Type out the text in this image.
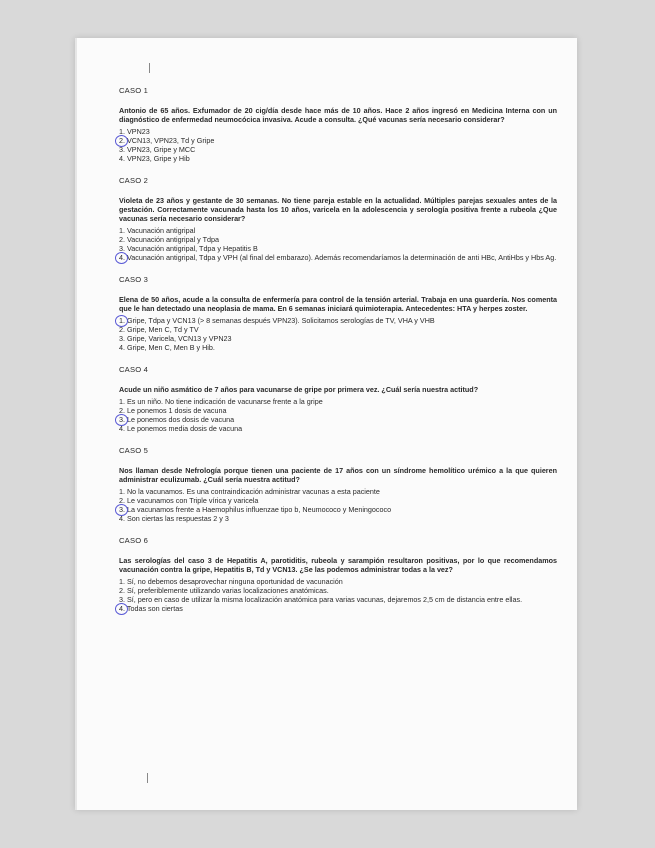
CASO 1
Antonio de 65 años. Exfumador de 20 cig/día desde hace más de 10 años. Hace 2 años ingresó en Medicina Interna con un diagnóstico de enfermedad neumocócica invasiva. Acude a consulta. ¿Qué vacunas sería necesario considerar?
1. VPN23
2. VCN13, VPN23, Td y Gripe
3. VPN23, Gripe y MCC
4. VPN23, Gripe y Hib
CASO 2
Violeta de 23 años y gestante de 30 semanas. No tiene pareja estable en la actualidad. Múltiples parejas sexuales antes de la gestación. Correctamente vacunada hasta los 10 años, varicela en la adolescencia y serología positiva frente a rubeola ¿Que vacunas sería necesario considerar?
1. Vacunación antigripal
2. Vacunación antigripal y Tdpa
3. Vacunación antigripal, Tdpa y Hepatitis B
4. Vacunación antigripal, Tdpa y VPH (al final del embarazo). Además recomendaríamos la determinación de anti HBc, AntiHbs y Hbs Ag.
CASO 3
Elena de 50 años, acude a la consulta de enfermería para control de la tensión arterial. Trabaja en una guardería. Nos comenta que le han detectado una neoplasia de mama. En 6 semanas iniciará quimioterapia. Antecedentes: HTA y herpes zoster.
1. Gripe, Tdpa y VCN13 (> 8 semanas después VPN23). Solicitamos serologías de TV, VHA y VHB
2. Gripe, Men C, Td y TV
3. Gripe, Varicela, VCN13 y VPN23
4. Gripe, Men C, Men B y Hib.
CASO 4
Acude un niño asmático de 7 años para vacunarse de gripe por primera vez. ¿Cuál sería nuestra actitud?
1. Es un niño. No tiene indicación de vacunarse frente a la gripe
2. Le ponemos 1 dosis de vacuna
3. Le ponemos dos dosis de vacuna
4. Le ponemos media dosis de vacuna
CASO 5
Nos llaman desde Nefrología porque tienen una paciente de 17 años con un síndrome hemolítico urémico a la que quieren administrar eculizumab. ¿Cuál sería nuestra actitud?
1. No la vacunamos. Es una contraindicación administrar vacunas a esta paciente
2. Le vacunamos con Triple vírica y varicela
3. La vacunamos frente a Haemophilus influenzae tipo b, Neumococo y Meningococo
4. Son ciertas las respuestas 2 y 3
CASO 6
Las serologías del caso 3 de Hepatitis A, parotiditis, rubeola y sarampión resultaron positivas, por lo que recomendamos vacunación contra la gripe, Hepatitis B, Td y VCN13. ¿Se las podemos administrar todas a la vez?
1. Sí, no debemos desaprovechar ninguna oportunidad de vacunación
2. Sí, preferiblemente utilizando varias localizaciones anatómicas.
3. Sí, pero en caso de utilizar la misma localización anatómica para varias vacunas, dejaremos 2,5 cm de distancia entre ellas.
4. Todas son ciertas
